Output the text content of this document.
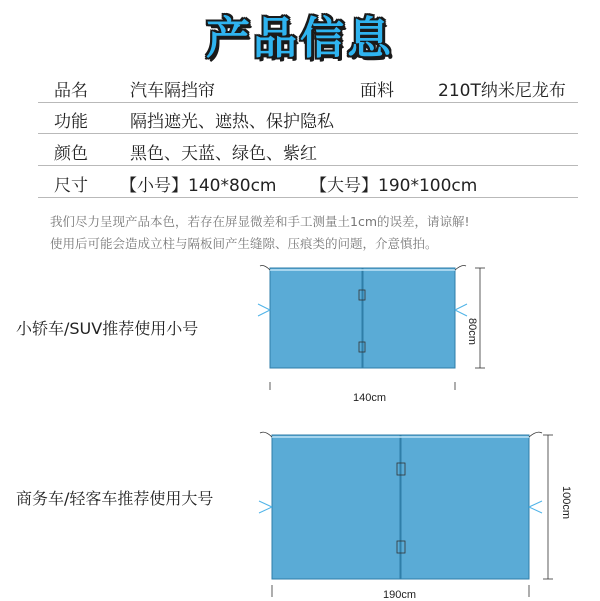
产品信息
品名 汽车隔挡帘	面料	210T纳米尼龙布
功能 隔挡遮光、遮热、保护隐私
颜色 黑色、天蓝、绿色、紫红
尺寸 【小号】140*80cm 【大号】190*100cm
我们尽力呈现产品本色，若存在屏显微差和手工测量土1cm的误差，请谅解!
使用后可能会造成立柱与隔板间产生缝隙、压痕类的问题，介意慎拍。
小轿车/SUV推荐使用小号
140cm
80cm
商务车/轻客车推荐使用大号
190cm
100cm
